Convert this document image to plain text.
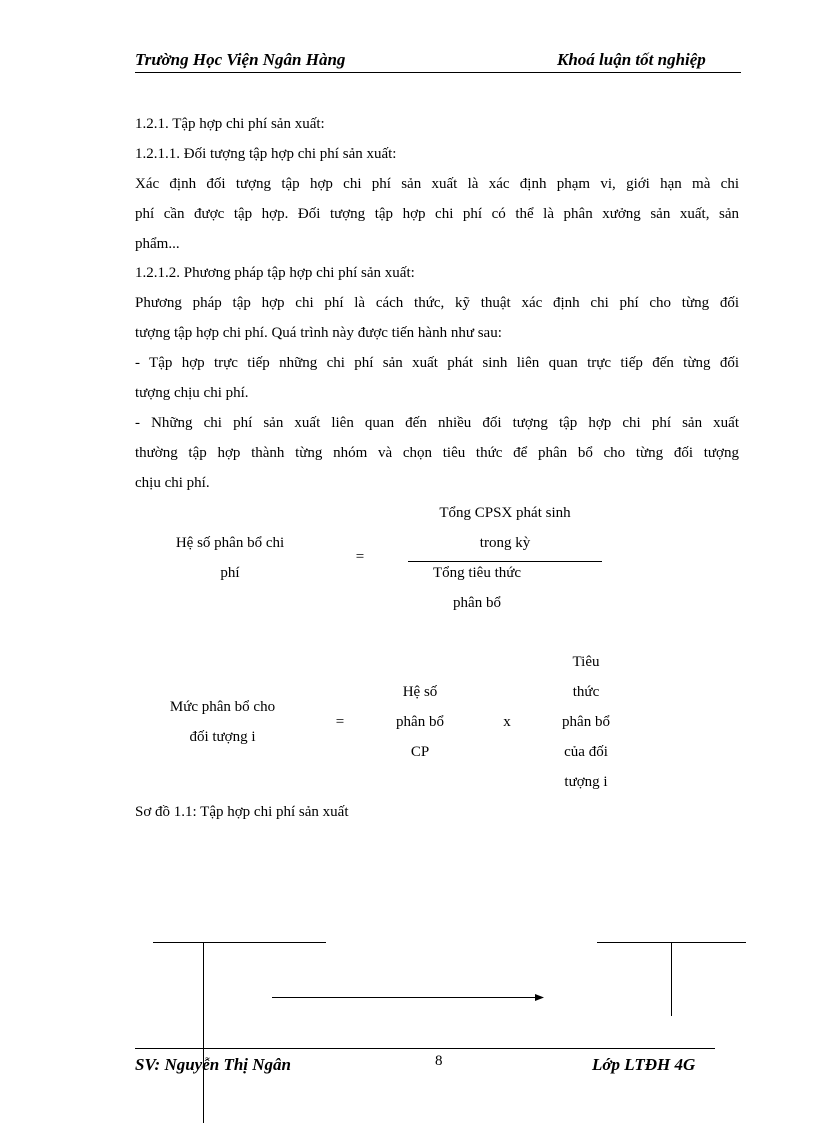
Trường Học Viện Ngân Hàng	Khoá luận tốt nghiệp
1.2.1. Tập hợp chi phí sản xuất:
1.2.1.1. Đối tượng tập hợp chi phí sản xuất:
Xác định đối tượng tập hợp chi phí sản xuất là xác định phạm vi, giới hạn mà chi
phí cần được tập hợp. Đối tượng tập hợp chi phí có thể là phân xưởng sản xuất, sản
phẩm...
1.2.1.2. Phương pháp tập hợp chi phí sản xuất:
Phương pháp tập hợp chi phí là cách thức, kỹ thuật xác định chi phí cho từng đối
tượng tập hợp chi phí. Quá trình này được tiến hành như sau:
- Tập hợp trực tiếp những chi phí sản xuất phát sinh liên quan trực tiếp đến từng đối
tượng chịu chi phí.
- Những chi phí sản xuất liên quan đến nhiều đối tượng tập hợp chi phí sản xuất
thường tập hợp thành từng nhóm và chọn tiêu thức để phân bổ cho từng đối tượng
chịu chi phí.
Hệ số phân bổ chi
phí
=
Tổng CPSX phát sinh
trong kỳ
Tổng tiêu thức
phân bổ
Mức phân bổ cho
đối tượng i
=
Hệ số
phân bổ
CP
x
Tiêu
thức
phân bổ
của đối
tượng i
Sơ đồ 1.1: Tập hợp chi phí sản xuất
SV: Nguyễn Thị Ngân	8	Lớp LTĐH 4G
